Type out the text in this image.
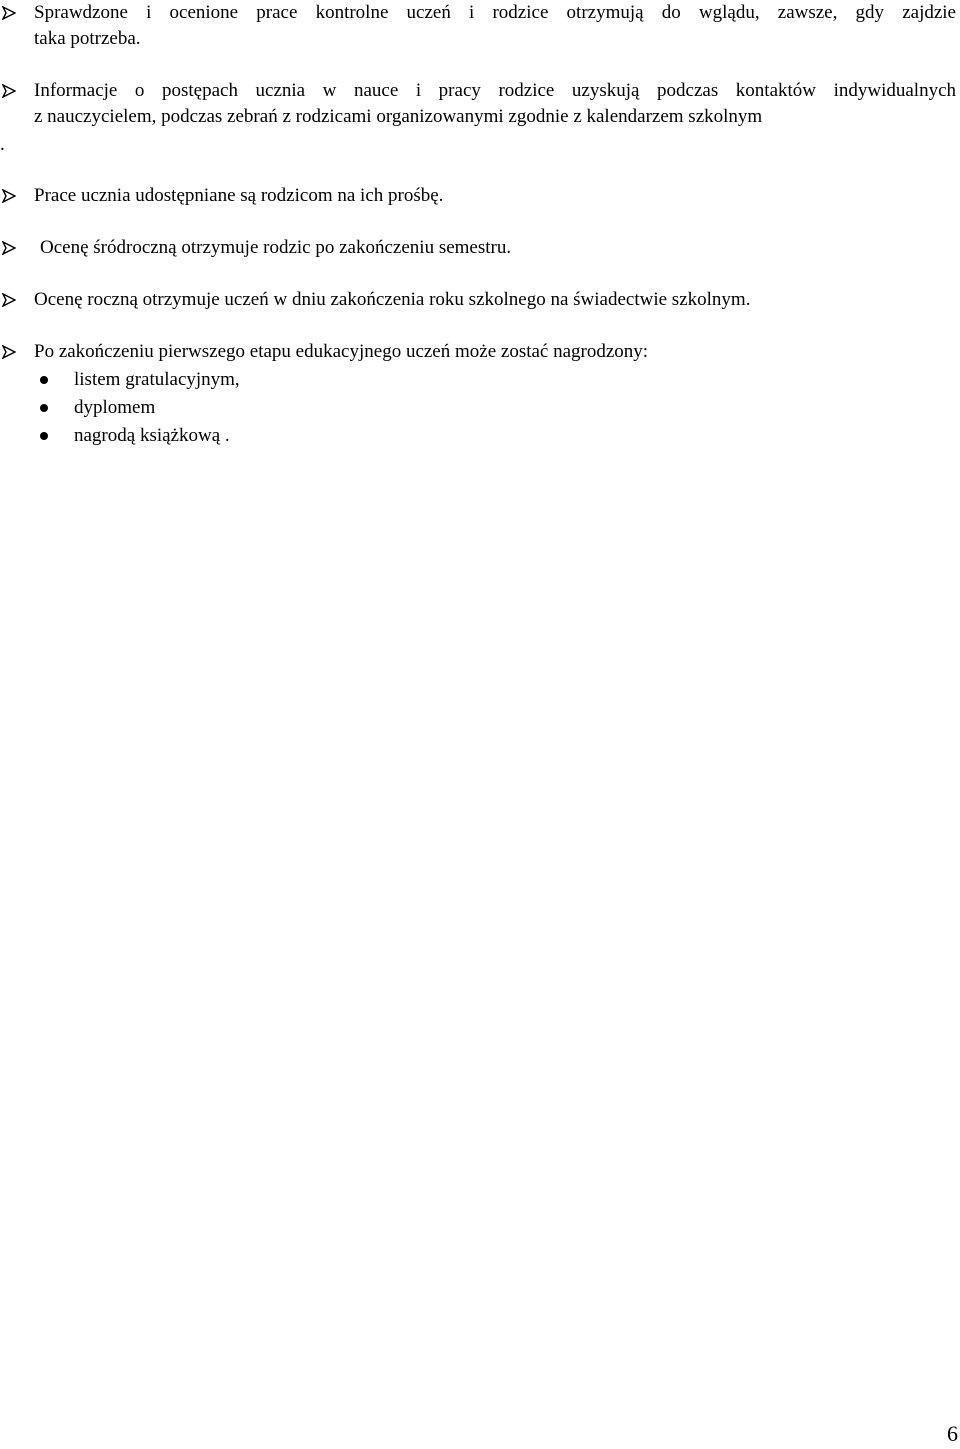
Sprawdzone i ocenione prace kontrolne uczeń i rodzice otrzymują do wglądu, zawsze, gdy zajdzie
taka potrzeba.
Informacje o postępach ucznia w nauce i pracy rodzice uzyskują podczas kontaktów indywidualnych
z nauczycielem, podczas zebrań z rodzicami organizowanymi zgodnie z kalendarzem szkolnym
.
Prace ucznia udostępniane są rodzicom na ich prośbę.
Ocenę śródroczną otrzymuje rodzic po zakończeniu semestru.
Ocenę roczną otrzymuje uczeń w dniu zakończenia roku szkolnego na świadectwie szkolnym.
Po zakończeniu pierwszego etapu edukacyjnego uczeń może zostać nagrodzony:
listem gratulacyjnym,
dyplomem
nagrodą książkową .
6
